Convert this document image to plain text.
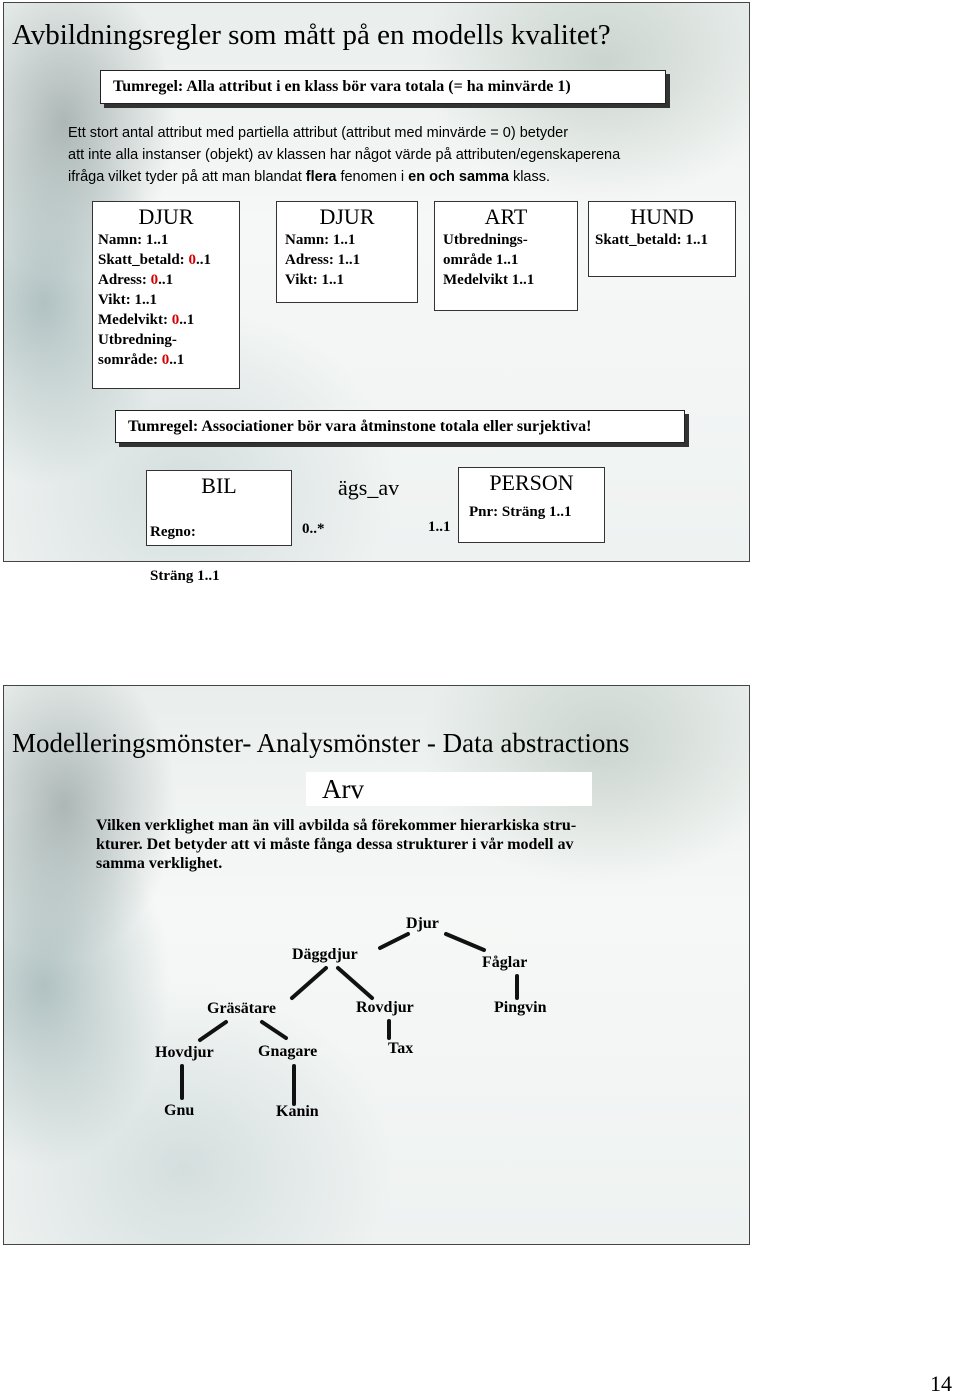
Avbildningsregler som mått på en modells kvalitet?
Tumregel: Alla attribut i en klass bör vara totala (= ha minvärde 1)
Ett stort antal attribut med partiella attribut (attribut med minvärde = 0) betyder
att inte alla instanser (objekt) av klassen har något värde på attributen/egenskaperena
ifråga vilket tyder på att man blandat flera fenomen i en och samma klass.
DJUR
Namn: 1..1
Skatt_betald: 0..1
Adress: 0..1
Vikt: 1..1
Medelvikt: 0..1
Utbredning-
sområde: 0..1
DJUR
Namn: 1..1
Adress: 1..1
Vikt: 1..1
ART
Utbrednings-
område 1..1
Medelvikt 1..1
HUND
Skatt_betald: 1..1
Tumregel: Associationer bör vara åtminstone totala eller surjektiva!
BIL

Regno:

Sträng 1..1

ägs_av
0..*	1..1
PERSON
Pnr: Sträng 1..1
Modelleringsmönster- Analysmönster - Data abstractions
Arv
Vilken verklighet man än vill avbilda så förekommer hierarkiska stru-
kturer. Det betyder att vi måste fånga dessa strukturer i vår modell av
samma verklighet.
Djur
Däggdjur	Fåglar
Gräsätare	Rovdjur	Pingvin
Hovdjur	Gnagare	Tax
Gnu	Kanin
14
